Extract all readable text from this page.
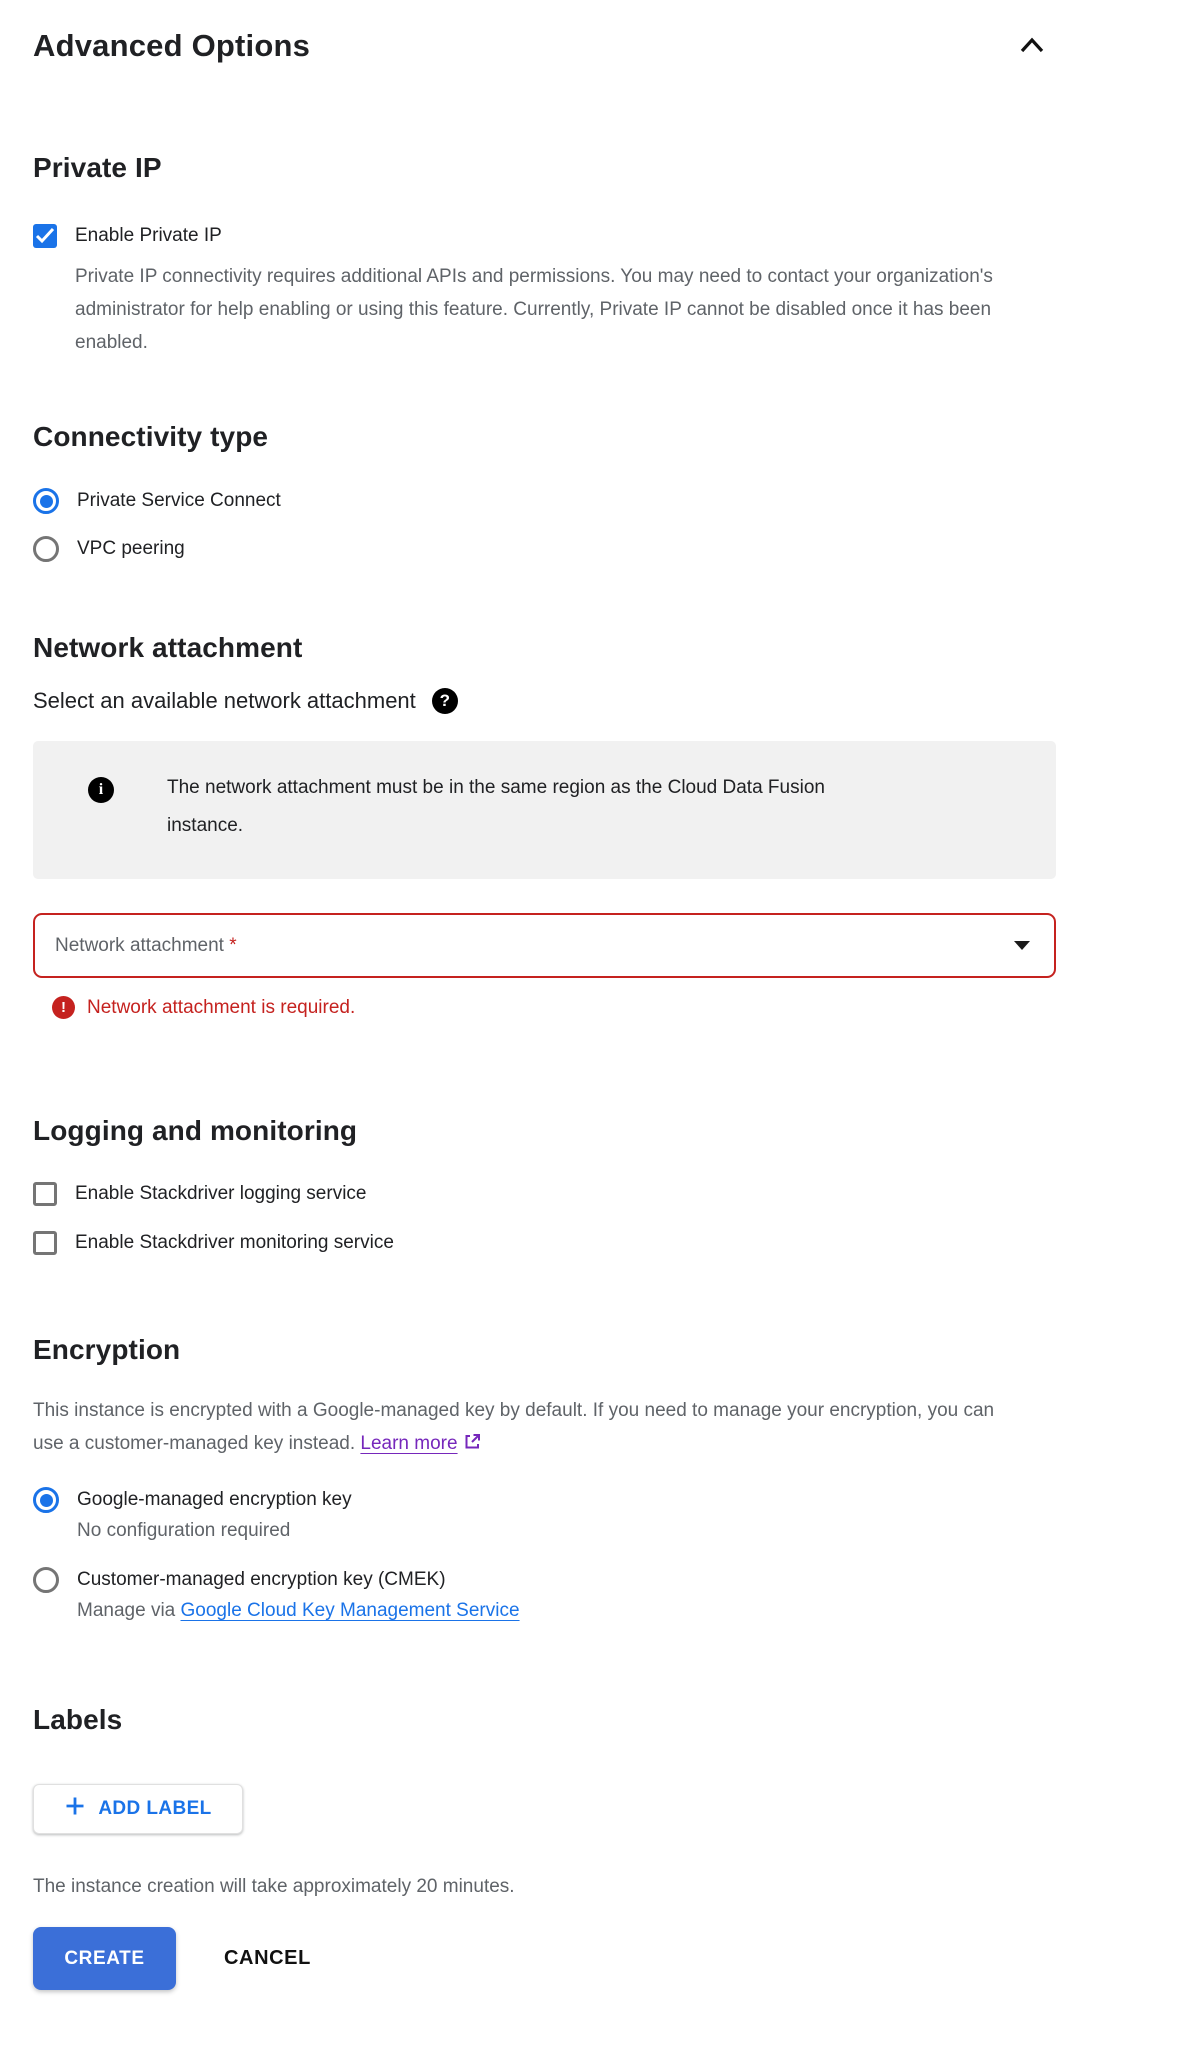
Advanced Options
Private IP
Enable Private IP
Private IP connectivity requires additional APIs and permissions. You may need to contact your organization's administrator for help enabling or using this feature. Currently, Private IP cannot be disabled once it has been enabled.
Connectivity type
Private Service Connect
VPC peering
Network attachment
Select an available network attachment	?
i	The network attachment must be in the same region as the Cloud Data Fusion instance.
Network attachment *
!	Network attachment is required.
Logging and monitoring
Enable Stackdriver logging service
Enable Stackdriver monitoring service
Encryption
This instance is encrypted with a Google-managed key by default. If you need to manage your encryption, you can use a customer-managed key instead. Learn more
Google-managed encryption key
No configuration required
Customer-managed encryption key (CMEK)
Manage via Google Cloud Key Management Service
Labels
ADD LABEL
The instance creation will take approximately 20 minutes.
CREATE	CANCEL
